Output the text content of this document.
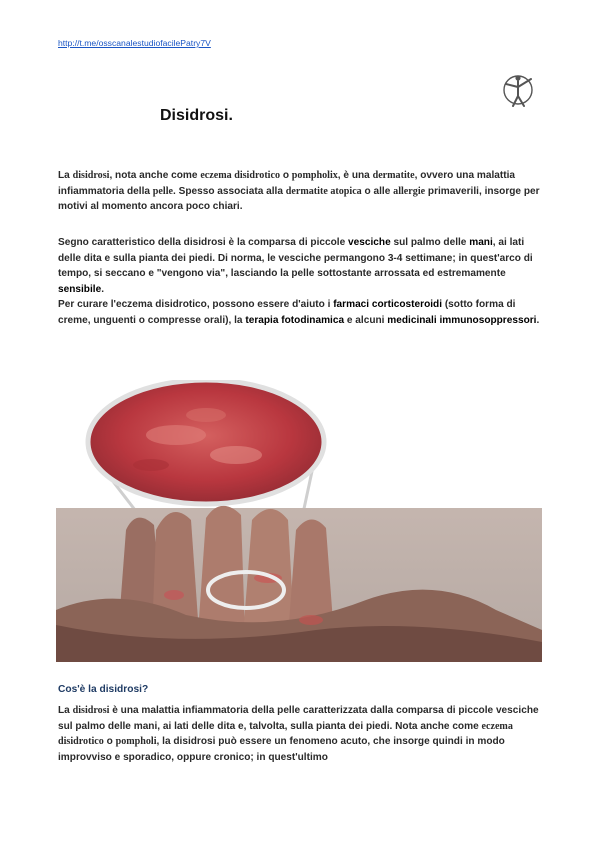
http://t.me/osscanalestudiofacilePatry7V
Disidrosi.

La disidrosi, nota anche come eczema disidrotico o pompholix, è una dermatite, ovvero una malattia infiammatoria della pelle. Spesso associata alla dermatite atopica o alle allergie primaverili, insorge per motivi al momento ancora poco chiari.

Segno caratteristico della disidrosi è la comparsa di piccole vesciche sul palmo delle mani, ai lati delle dita e sulla pianta dei piedi. Di norma, le vesciche permangono 3-4 settimane; in quest'arco di tempo, si seccano e "vengono via", lasciando la pelle sottostante arrossata ed estremamente sensibile.
Per curare l'eczema disidrotico, possono essere d'aiuto i farmaci corticosteroidi (sotto forma di creme, unguenti o compresse orali), la terapia fotodinamica e alcuni medicinali immunosoppressori.

Cos'è la disidrosi?

La disidrosi è una malattia infiammatoria della pelle caratterizzata dalla comparsa di piccole vesciche sul palmo delle mani, ai lati delle dita e, talvolta, sulla pianta dei piedi. Nota anche come eczema disidrotico o pompholi, la disidrosi può essere un fenomeno acuto, che insorge quindi in modo improvviso e sporadico, oppure cronico; in quest'ultimo
